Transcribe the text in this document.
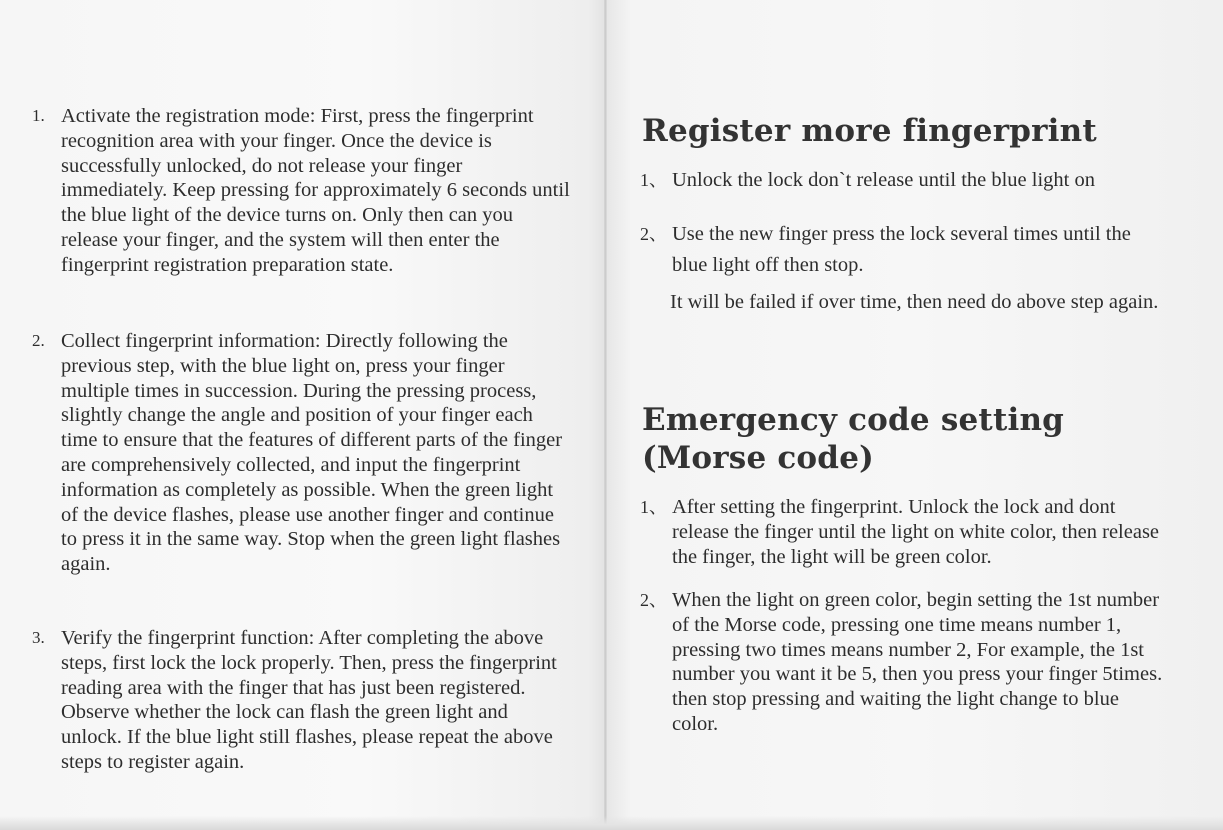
1. Activate the registration mode: First, press the fingerprint recognition area with your finger. Once the device is successfully unlocked, do not release your finger immediately. Keep pressing for approximately 6 seconds until the blue light of the device turns on. Only then can you release your finger, and the system will then enter the fingerprint registration preparation state.
2. Collect fingerprint information: Directly following the previous step, with the blue light on, press your finger multiple times in succession. During the pressing process, slightly change the angle and position of your finger each time to ensure that the features of different parts of the finger are comprehensively collected, and input the fingerprint information as completely as possible. When the green light of the device flashes, please use another finger and continue to press it in the same way. Stop when the green light flashes again.
3. Verify the fingerprint function: After completing the above steps, first lock the lock properly. Then, press the fingerprint reading area with the finger that has just been registered. Observe whether the lock can flash the green light and unlock. If the blue light still flashes, please repeat the above steps to register again.
Register more fingerprint
1、 Unlock the lock don`t release until the blue light on
2、 Use the new finger press the lock several times until the blue light off then stop.
It will be failed if over time, then need do above step again.
Emergency code setting
(Morse code)
1、 After setting the fingerprint. Unlock the lock and dont release the finger until the light on white color, then release the finger, the light will be green color.
2、 When the light on green color, begin setting the 1st number of the Morse code, pressing one time means number 1, pressing two times means number 2, For example, the 1st number you want it be 5, then you press your finger 5times. then stop pressing and waiting the light change to blue color.
